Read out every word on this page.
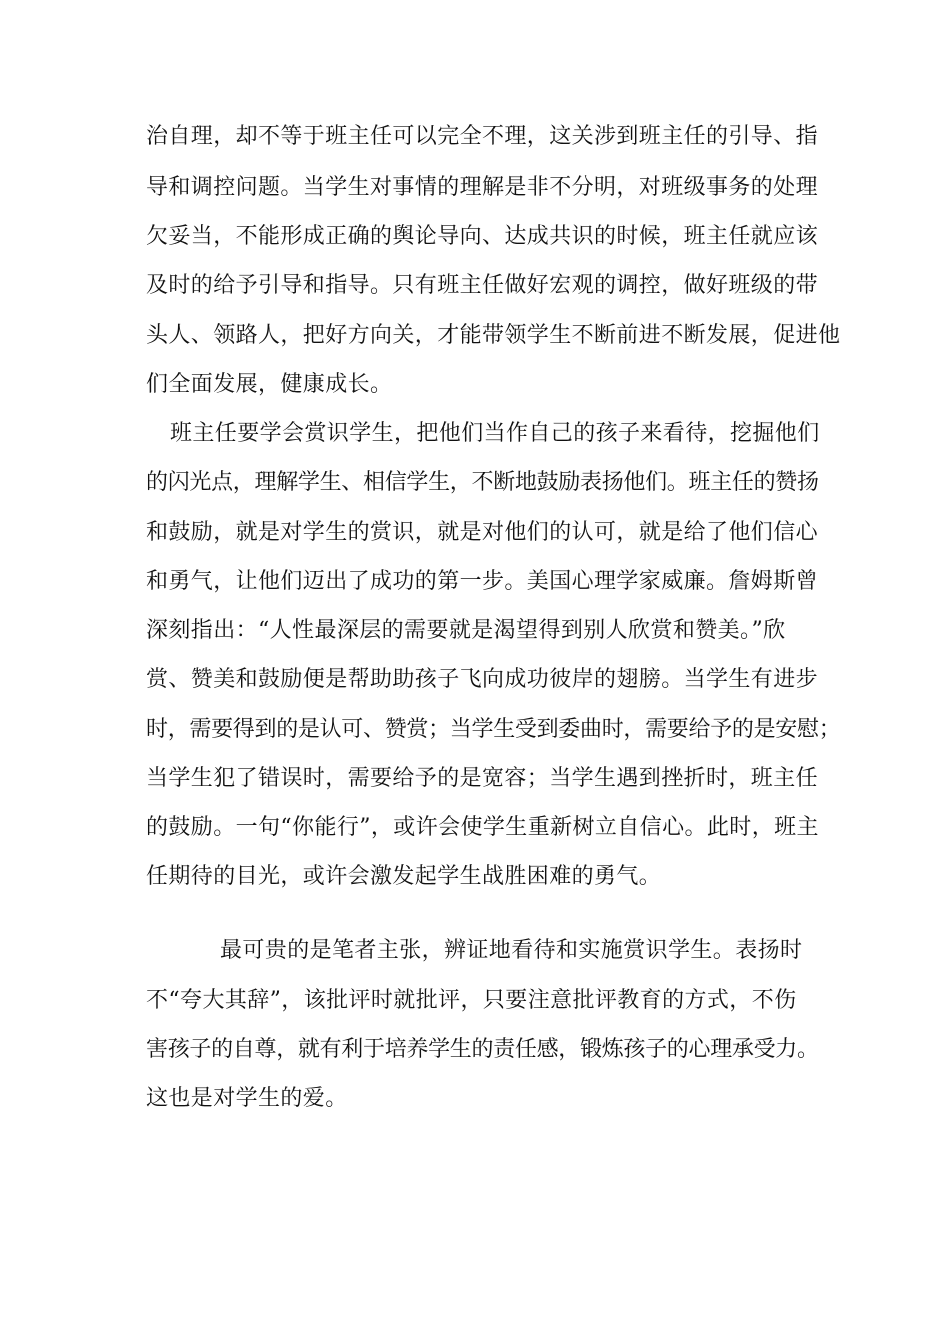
治自理，却不等于班主任可以完全不理，这关涉到班主任的引导、指
导和调控问题。当学生对事情的理解是非不分明，对班级事务的处理
欠妥当，不能形成正确的舆论导向、达成共识的时候，班主任就应该
及时的给予引导和指导。只有班主任做好宏观的调控，做好班级的带
头人、领路人，把好方向关，才能带领学生不断前进不断发展，促进他
们全面发展，健康成长。
班主任要学会赏识学生，把他们当作自己的孩子来看待，挖掘他们
的闪光点，理解学生、相信学生，不断地鼓励表扬他们。班主任的赞扬
和鼓励，就是对学生的赏识，就是对他们的认可，就是给了他们信心
和勇气，让他们迈出了成功的第一步。美国心理学家威廉。詹姆斯曾
深刻指出：“人性最深层的需要就是渴望得到别人欣赏和赞美。”欣
赏、赞美和鼓励便是帮助助孩子飞向成功彼岸的翅膀。当学生有进步
时，需要得到的是认可、赞赏；当学生受到委曲时，需要给予的是安慰；
当学生犯了错误时，需要给予的是宽容；当学生遇到挫折时，班主任
的鼓励。一句“你能行”，或许会使学生重新树立自信心。此时，班主
任期待的目光，或许会激发起学生战胜困难的勇气。
最可贵的是笔者主张，辨证地看待和实施赏识学生。表扬时
不“夸大其辞”，该批评时就批评，只要注意批评教育的方式，不伤
害孩子的自尊，就有利于培养学生的责任感，锻炼孩子的心理承受力。
这也是对学生的爱。
